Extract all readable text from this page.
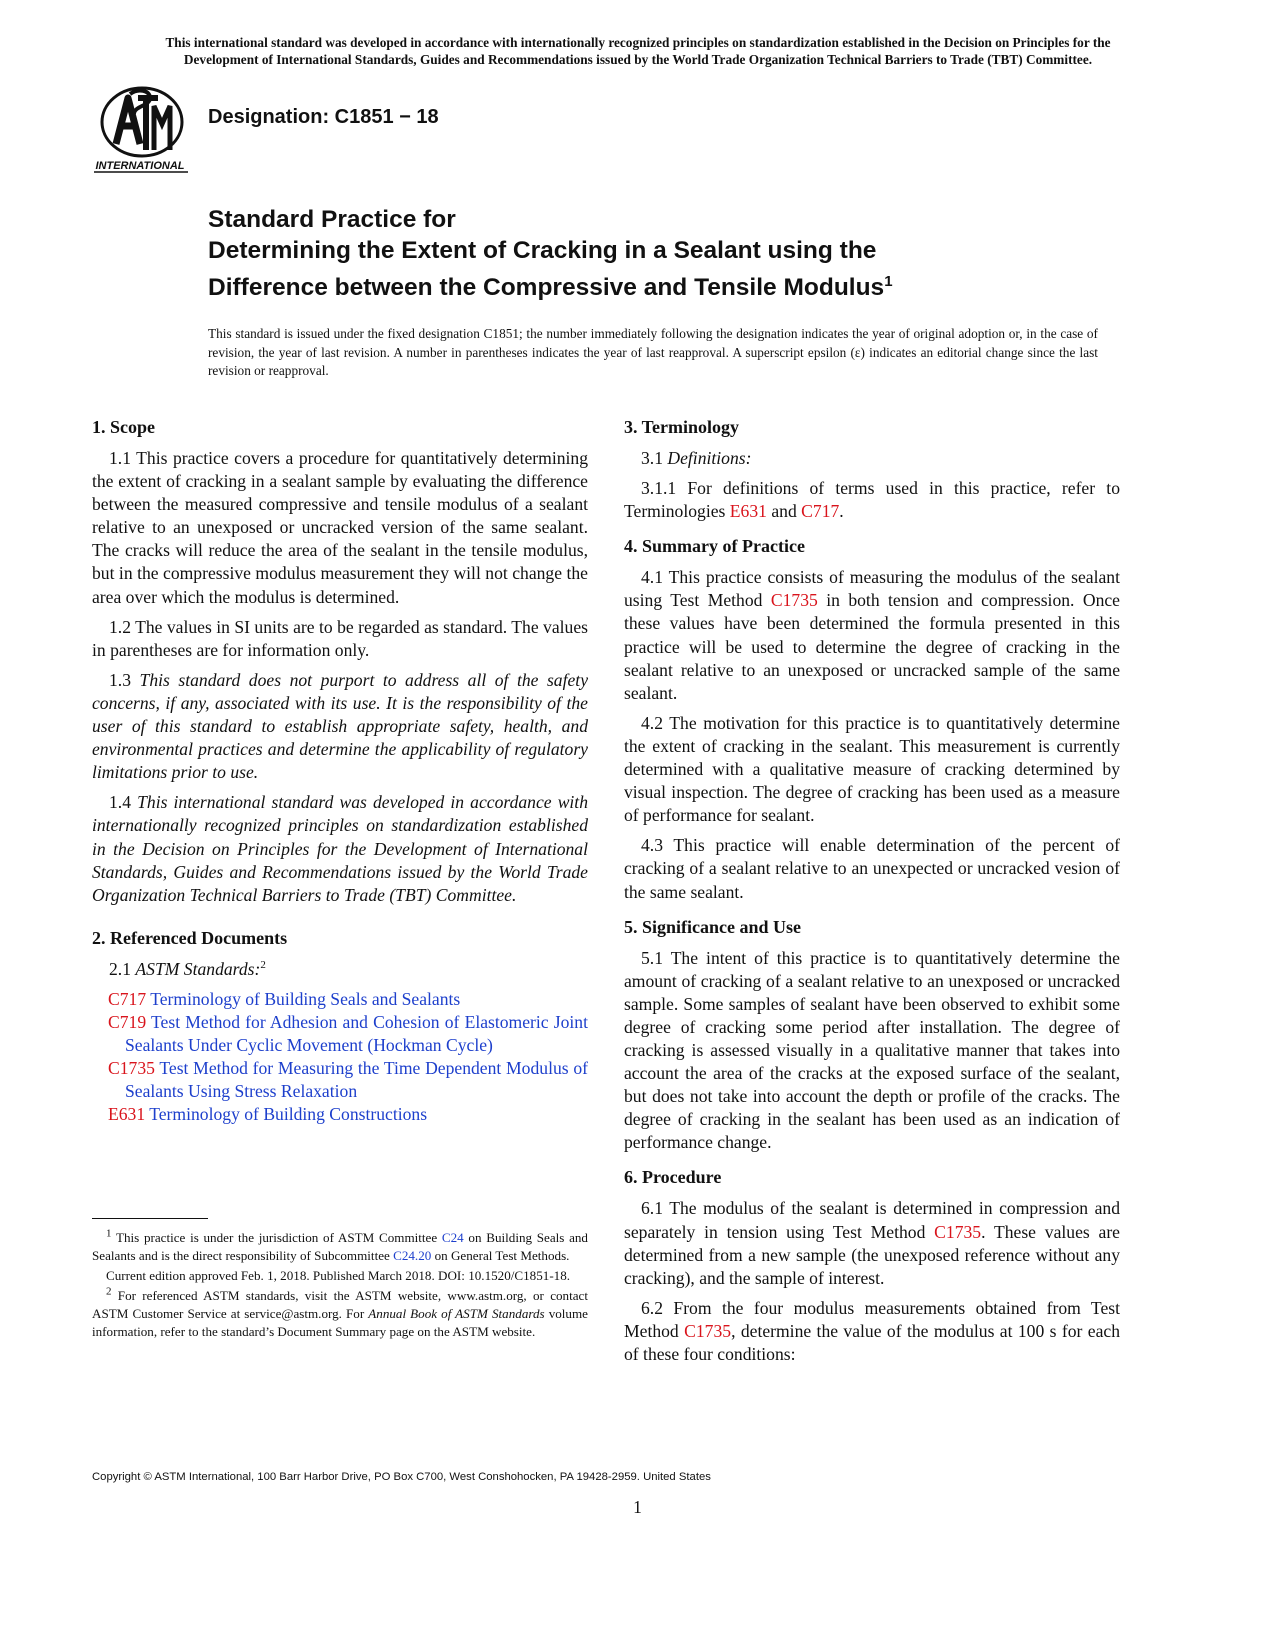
This international standard was developed in accordance with internationally recognized principles on standardization established in the Decision on Principles for the
Development of International Standards, Guides and Recommendations issued by the World Trade Organization Technical Barriers to Trade (TBT) Committee.
INTERNATIONAL
Designation: C1851 − 18
Standard Practice for
Determining the Extent of Cracking in a Sealant using the
Difference between the Compressive and Tensile Modulus$^1$
This standard is issued under the fixed designation C1851; the number immediately following the designation indicates the year of original adoption or, in the case of revision, the year of last revision. A number in parentheses indicates the year of last reapproval. A superscript epsilon (ε) indicates an editorial change since the last revision or reapproval.
1. Scope

1.1 This practice covers a procedure for quantitatively determining the extent of cracking in a sealant sample by evaluating the difference between the measured compressive and tensile modulus of a sealant relative to an unexposed or uncracked version of the same sealant. The cracks will reduce the area of the sealant in the tensile modulus, but in the compressive modulus measurement they will not change the area over which the modulus is determined.

1.2 The values in SI units are to be regarded as standard. The values in parentheses are for information only.

1.3 This standard does not purport to address all of the safety concerns, if any, associated with its use. It is the responsibility of the user of this standard to establish appropriate safety, health, and environmental practices and determine the applicability of regulatory limitations prior to use.

1.4 This international standard was developed in accordance with internationally recognized principles on standardization established in the Decision on Principles for the Development of International Standards, Guides and Recommendations issued by the World Trade Organization Technical Barriers to Trade (TBT) Committee.

2. Referenced Documents

2.1 ASTM Standards:$^2$

C717 Terminology of Building Seals and Sealants
C719 Test Method for Adhesion and Cohesion of Elastomeric Joint Sealants Under Cyclic Movement (Hockman Cycle)
C1735 Test Method for Measuring the Time Dependent Modulus of Sealants Using Stress Relaxation
E631 Terminology of Building Constructions

$^1$ This practice is under the jurisdiction of ASTM Committee C24 on Building Seals and Sealants and is the direct responsibility of Subcommittee C24.20 on General Test Methods.

Current edition approved Feb. 1, 2018. Published March 2018. DOI: 10.1520/C1851-18.

$^2$ For referenced ASTM standards, visit the ASTM website, www.astm.org, or contact ASTM Customer Service at service@astm.org. For Annual Book of ASTM Standards volume information, refer to the standard’s Document Summary page on the ASTM website.

3. Terminology

3.1 Definitions:

3.1.1 For definitions of terms used in this practice, refer to Terminologies E631 and C717.

4. Summary of Practice

4.1 This practice consists of measuring the modulus of the sealant using Test Method C1735 in both tension and compression. Once these values have been determined the formula presented in this practice will be used to determine the degree of cracking in the sealant relative to an unexposed or uncracked sample of the same sealant.

4.2 The motivation for this practice is to quantitatively determine the extent of cracking in the sealant. This measurement is currently determined with a qualitative measure of cracking determined by visual inspection. The degree of cracking has been used as a measure of performance for sealant.

4.3 This practice will enable determination of the percent of cracking of a sealant relative to an unexpected or uncracked vesion of the same sealant.

5. Significance and Use

5.1 The intent of this practice is to quantitatively determine the amount of cracking of a sealant relative to an unexposed or uncracked sample. Some samples of sealant have been observed to exhibit some degree of cracking some period after installation. The degree of cracking is assessed visually in a qualitative manner that takes into account the area of the cracks at the exposed surface of the sealant, but does not take into account the depth or profile of the cracks. The degree of cracking in the sealant has been used as an indication of performance change.

6. Procedure

6.1 The modulus of the sealant is determined in compression and separately in tension using Test Method C1735. These values are determined from a new sample (the unexposed reference without any cracking), and the sample of interest.

6.2 From the four modulus measurements obtained from Test Method C1735, determine the value of the modulus at 100 s for each of these four conditions:

Copyright © ASTM International, 100 Barr Harbor Drive, PO Box C700, West Conshohocken, PA 19428-2959. United States
1
